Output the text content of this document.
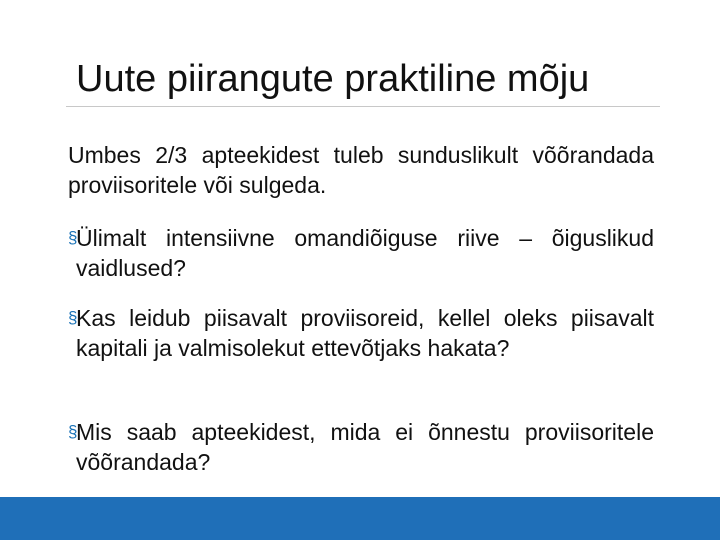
Uute piirangute praktiline mõju
Umbes 2/3 apteekidest tuleb sunduslikult võõrandada proviisoritele või sulgeda.
§
Ülimalt intensiivne omandiõiguse riive – õiguslikud vaidlused?
§
Kas leidub piisavalt proviisoreid, kellel oleks piisavalt kapitali ja valmisolekut ettevõtjaks hakata?
§
Mis saab apteekidest, mida ei õnnestu proviisoritele võõrandada?
